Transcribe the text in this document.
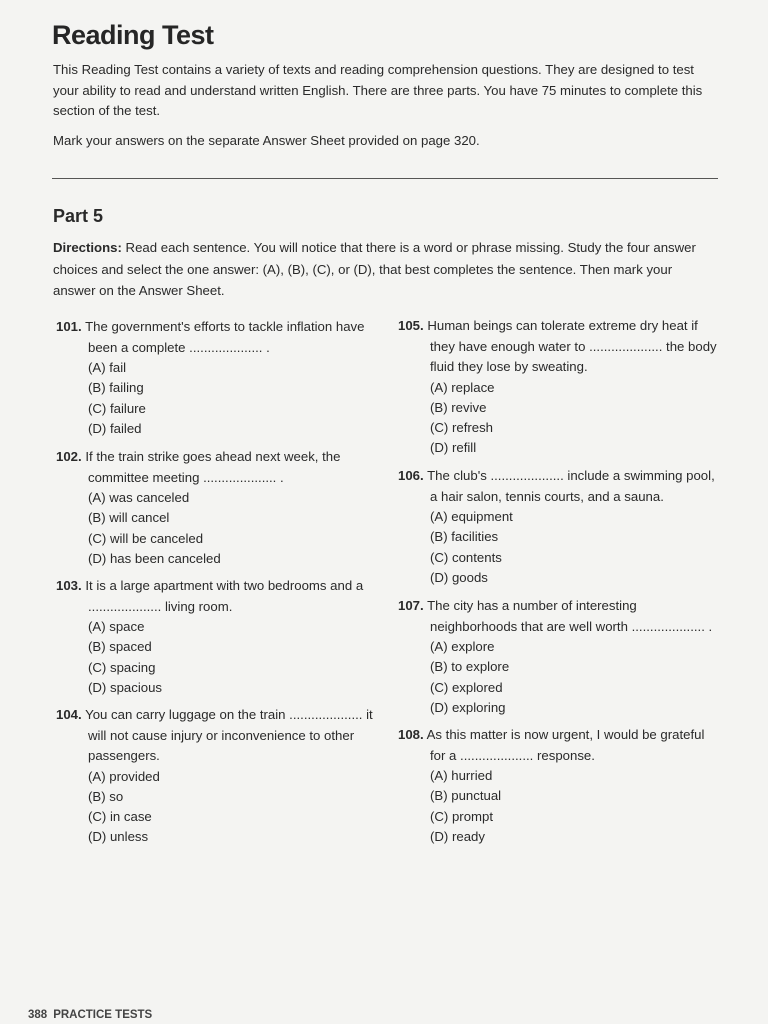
Reading Test

This Reading Test contains a variety of texts and reading comprehension questions. They are designed to test your ability to read and understand written English. There are three parts. You have 75 minutes to complete this section of the test.

Mark your answers on the separate Answer Sheet provided on page 320.

Part 5

Directions: Read each sentence. You will notice that there is a word or phrase missing. Study the four answer choices and select the one answer: (A), (B), (C), or (D), that best completes the sentence. Then mark your answer on the Answer Sheet.

101. The government's efforts to tackle inflation have been a complete .................... .
(A) fail
(B) failing
(C) failure
(D) failed
102. If the train strike goes ahead next week, the committee meeting .................... .
(A) was canceled
(B) will cancel
(C) will be canceled
(D) has been canceled
103. It is a large apartment with two bedrooms and a .................... living room.
(A) space
(B) spaced
(C) spacing
(D) spacious
104. You can carry luggage on the train .................... it will not cause injury or inconvenience to other passengers.
(A) provided
(B) so
(C) in case
(D) unless
105. Human beings can tolerate extreme dry heat if they have enough water to .................... the body fluid they lose by sweating.
(A) replace
(B) revive
(C) refresh
(D) refill
106. The club's .................... include a swimming pool, a hair salon, tennis courts, and a sauna.
(A) equipment
(B) facilities
(C) contents
(D) goods
107. The city has a number of interesting neighborhoods that are well worth .................... .
(A) explore
(B) to explore
(C) explored
(D) exploring
108. As this matter is now urgent, I would be grateful for a .................... response.
(A) hurried
(B) punctual
(C) prompt
(D) ready
388 PRACTICE TESTS
